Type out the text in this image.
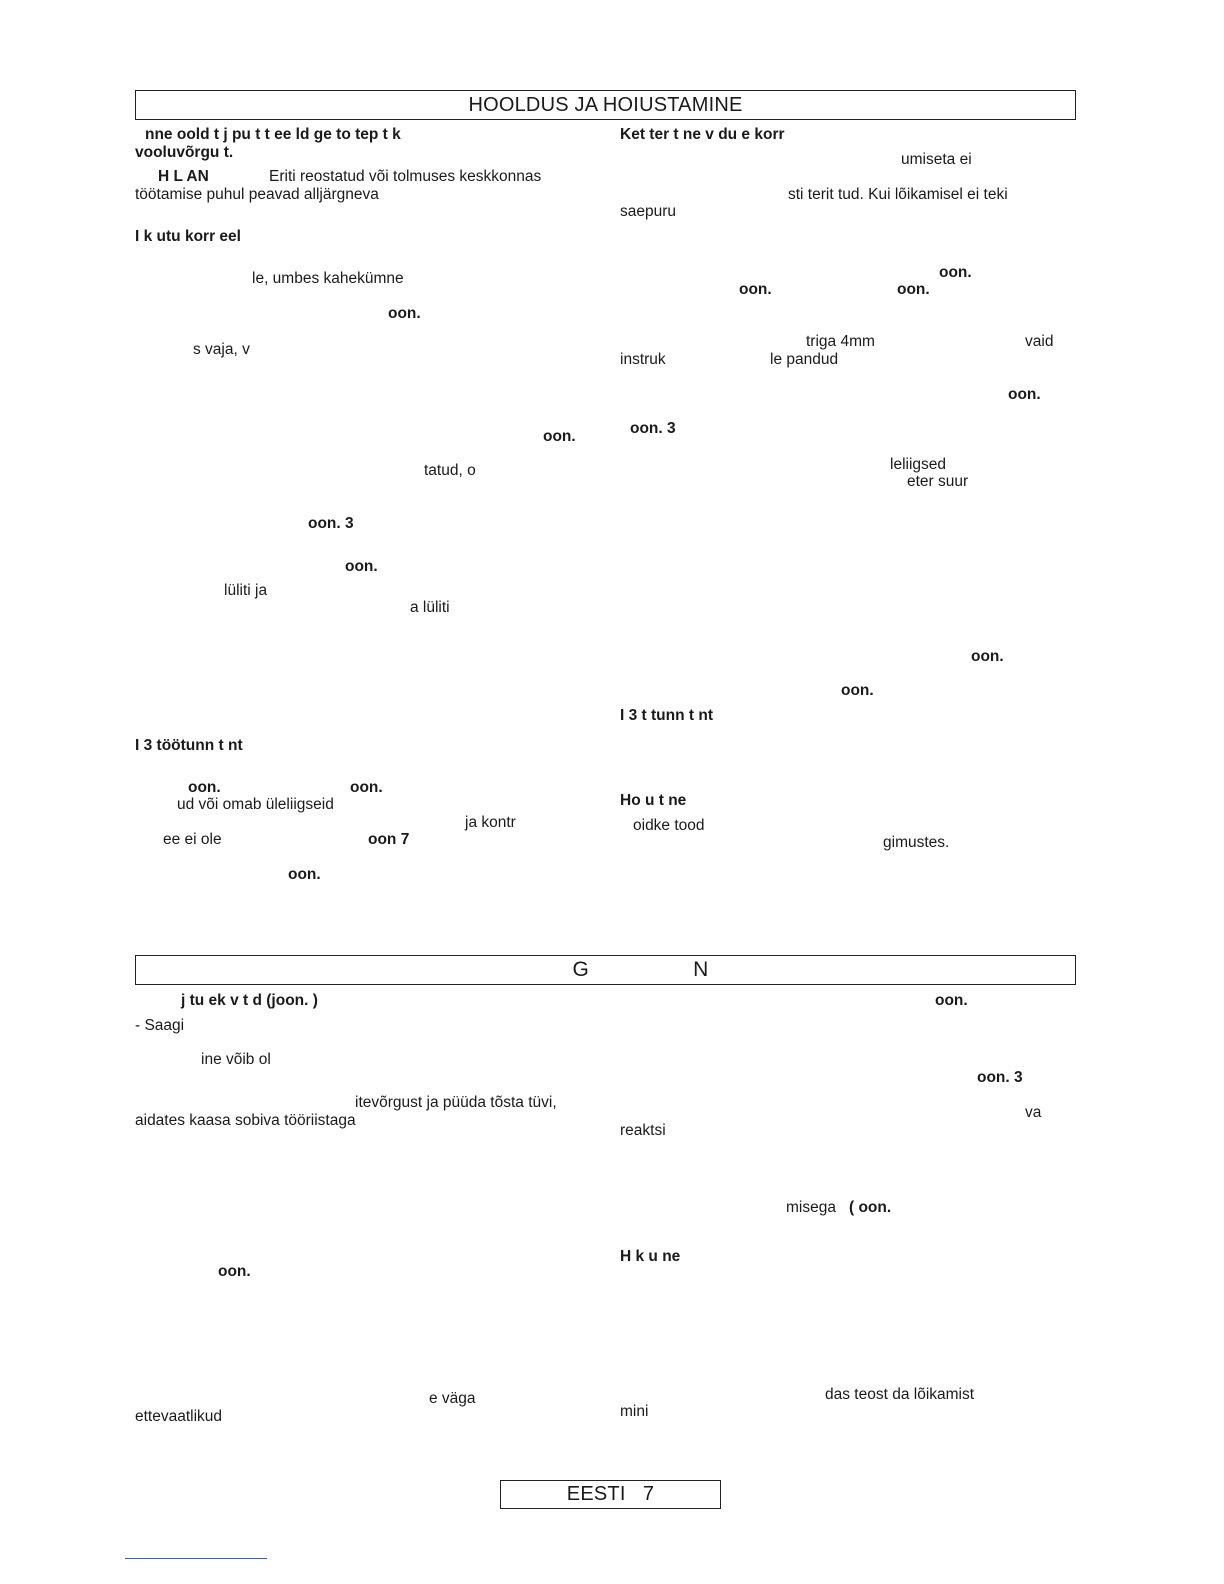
HOOLDUS JA HOIUSTAMINE
nne oold t j pu t t ee ld ge to tep t k
vooluvõrgu t.
H L AN	Eriti reostatud või tolmuses keskkonnas
töötamise puhul peavad alljärgneva
I k utu korr eel
le, umbes kahekümne
oon.
s vaja, v
oon.
tatud, o
oon. 3
oon.
lüliti ja
a lüliti
I 3 töötunn t nt
oon.	oon.
ud või omab üleliigseid
ja kontr
ee ei ole	oon 7
oon.
Ket ter t ne v du e korr
umiseta ei
sti terit tud. Kui lõikamisel ei teki
saepuru
oon.
oon.	oon.
triga 4mm	vaid
instruk	le pandud
oon.
oon. 3
leliigsed
eter suur
oon.
oon.
I 3 t tunn t nt
Ho u t ne
oidke tood
gimustes.
G	N
j tu ek v t d (joon. )
- Saagi
ine võib ol
itevõrgust ja püüda tõsta tüvi,
aidates kaasa sobiva tööriistaga
oon.
e väga
ettevaatlikud
oon.
oon. 3
va
reaktsi
misega ( oon.
H k u ne
das teost da lõikamist
mini
EESTI   7
